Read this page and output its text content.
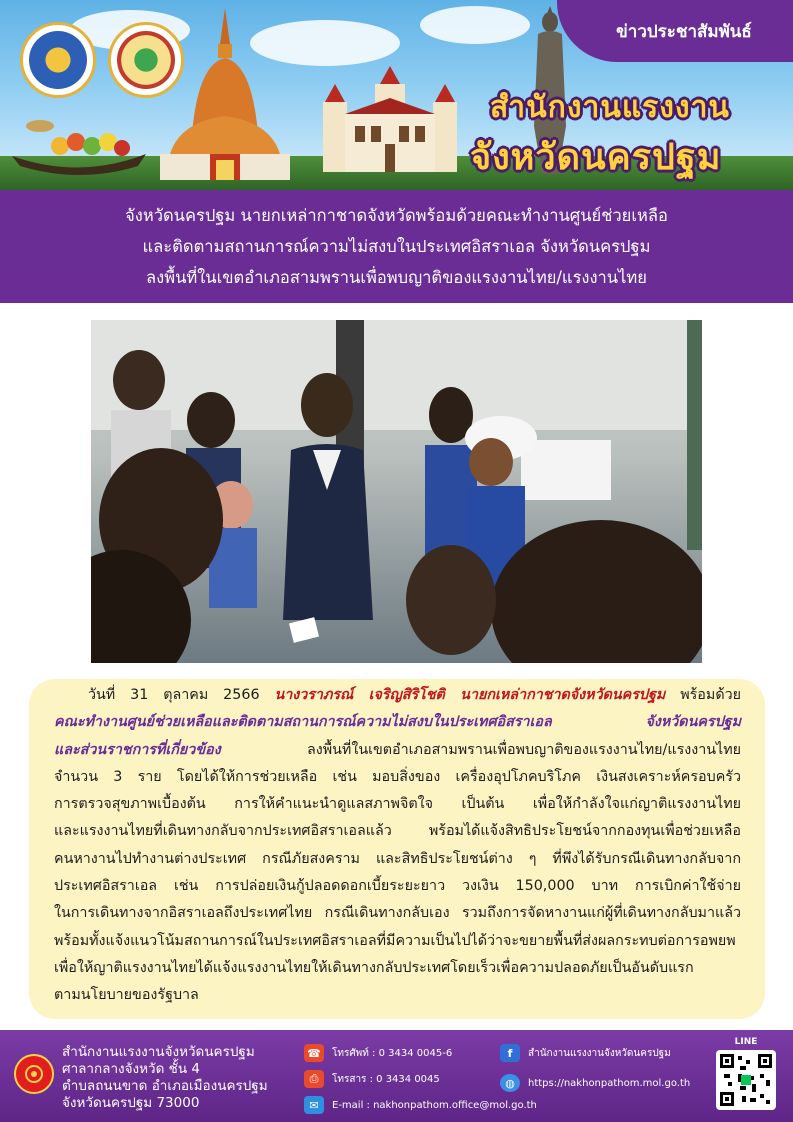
ข่าวประชาสัมพันธ์
สำนักงานแรงงาน
จังหวัดนครปฐม
จังหวัดนครปฐม นายกเหล่ากาชาดจังหวัดพร้อมด้วยคณะทำงานศูนย์ช่วยเหลือ
และติดตามสถานการณ์ความไม่สงบในประเทศอิสราเอล จังหวัดนครปฐม
ลงพื้นที่ในเขตอำเภอสามพรานเพื่อพบญาติของแรงงานไทย/แรงงานไทย

วันที่ 31 ตุลาคม 2566 นางวราภรณ์ เจริญสิริโชติ นายกเหล่ากาชาดจังหวัดนครปฐม พร้อมด้วย

คณะทำงานศูนย์ช่วยเหลือและติดตามสถานการณ์ความไม่สงบในประเทศอิสราเอล จังหวัดนครปฐม

และส่วนราชการที่เกี่ยวข้อง ลงพื้นที่ในเขตอำเภอสามพรานเพื่อพบญาติของแรงงานไทย/แรงงานไทย

จำนวน 3 ราย โดยได้ให้การช่วยเหลือ เช่น มอบสิ่งของ เครื่องอุปโภคบริโภค เงินสงเคราะห์ครอบครัว

การตรวจสุขภาพเบื้องต้น การให้คำแนะนำดูแลสภาพจิตใจ เป็นต้น เพื่อให้กำลังใจแก่ญาติแรงงานไทย

และแรงงานไทยที่เดินทางกลับจากประเทศอิสราเอลแล้ว พร้อมได้แจ้งสิทธิประโยชน์จากกองทุนเพื่อช่วยเหลือ

คนหางานไปทำงานต่างประเทศ กรณีภัยสงคราม และสิทธิประโยชน์ต่าง ๆ ที่พึงได้รับกรณีเดินทางกลับจาก

ประเทศอิสราเอล เช่น การปล่อยเงินกู้ปลอดดอกเบี้ยระยะยาว วงเงิน 150,000 บาท การเบิกค่าใช้จ่าย

ในการเดินทางจากอิสราเอลถึงประเทศไทย กรณีเดินทางกลับเอง รวมถึงการจัดหางานแก่ผู้ที่เดินทางกลับมาแล้ว

พร้อมทั้งแจ้งแนวโน้มสถานการณ์ในประเทศอิสราเอลที่มีความเป็นไปได้ว่าจะขยายพื้นที่ส่งผลกระทบต่อการอพยพ

เพื่อให้ญาติแรงงานไทยได้แจ้งแรงงานไทยให้เดินทางกลับประเทศโดยเร็วเพื่อความปลอดภัยเป็นอันดับแรก

ตามนโยบายของรัฐบาล

สำนักงานแรงงานจังหวัดนครปฐม
ศาลากลางจังหวัด ชั้น 4
ตำบลถนนขาด อำเภอเมืองนครปฐม
จังหวัดนครปฐม 73000
☎	โทรศัพท์ : 0 3434 0045-6
⎙	โทรสาร : 0 3434 0045
✉	E-mail : nakhonpathom.office@mol.go.th
f	สำนักงานแรงงานจังหวัดนครปฐม
◍	https://nakhonpathom.mol.go.th
LINE
